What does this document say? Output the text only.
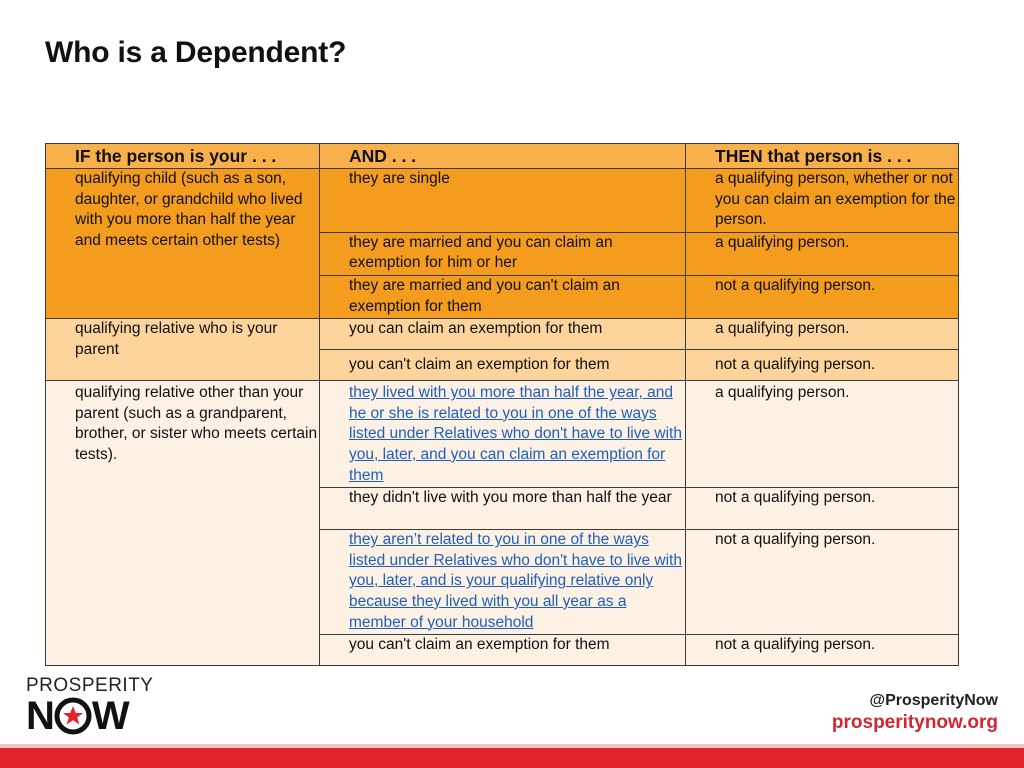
Who is a Dependent?
IF the person is your . . .	AND . . .	THEN that person is . . .
qualifying child (such as a son, daughter, or grandchild who lived with you more than half the year and meets certain other tests)	they are single	a qualifying person, whether or not you can claim an exemption for the person.

	they are married and you can claim an exemption for him or her	a qualifying person.
	they are married and you can't claim an exemption for them	not a qualifying person.
qualifying relative who is your parent	you can claim an exemption for them	a qualifying person.
	you can't claim an exemption for them	not a qualifying person.
qualifying relative other than your parent (such as a grandparent, brother, or sister who meets certain tests).	they lived with you more than half the year, and he or she is related to you in one of the ways listed under Relatives who don't have to live with you, later, and you can claim an exemption for them	a qualifying person.
	they didn't live with you more than half the year	not a qualifying person.
	they aren’t related to you in one of the ways listed under Relatives who don't have to live with you, later, and is your qualifying relative only because they lived with you all year as a member of your household	not a qualifying person.
	you can't claim an exemption for them	not a qualifying person.
PROSPERITY
N W	@ProsperityNow
prosperitynow.org
